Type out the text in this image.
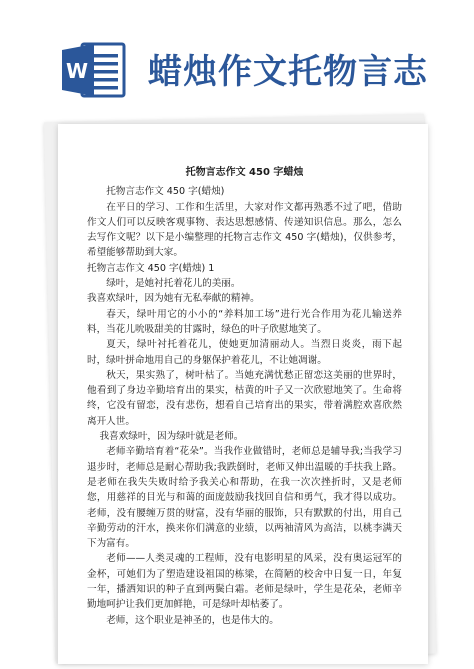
W 蜡烛作文托物言志
托物言志作文 450 字蜡烛

托物言志作文 450 字(蜡烛)

在平日的学习、工作和生活里，大家对作文都再熟悉不过了吧，借助作文人们可以反映客观事物、表达思想感情、传递知识信息。那么，怎么去写作文呢？以下是小编整理的托物言志作文 450 字(蜡烛)，仅供参考，希望能够帮助到大家。

托物言志作文 450 字(蜡烛) 1

绿叶，是她衬托着花儿的美丽。

我喜欢绿叶，因为她有无私奉献的精神。

春天，绿叶用它的小小的“养料加工场”进行光合作用为花儿输送养料，当花儿吮吸甜美的甘露时，绿色的叶子欣慰地笑了。

夏天，绿叶衬托着花儿，使她更加清丽动人。当烈日炎炎，雨下起时，绿叶拼命地用自己的身躯保护着花儿，不让她凋谢。

秋天，果实熟了，树叶枯了。当她充满忧愁正留恋这美丽的世界时，他看到了身边辛勤培育出的果实，枯黄的叶子又一次欣慰地笑了。生命将终，它没有留恋，没有悲伤，想看自己培育出的果实，带着满腔欢喜欣然离开人世。

我喜欢绿叶，因为绿叶就是老师。

老师辛勤培育着“花朵”。当我作业做错时，老师总是辅导我;当我学习退步时，老师总是耐心帮助我;我跌倒时，老师又伸出温暖的手扶我上路。是老师在我失失败时给予我关心和帮助，在我一次次挫折时，又是老师您，用慈祥的目光与和蔼的面庞鼓励我找回自信和勇气，我才得以成功。老师，没有腰缠万贯的财富，没有华丽的服饰，只有默默的付出，用自己辛勤劳动的汗水，换来你们满意的业绩，以两袖清风为高洁，以桃李满天下为富有。

老师——人类灵魂的工程师，没有电影明星的风采，没有奥运冠军的金杯，可她们为了塑造建设祖国的栋梁，在简陋的校舍中日复一日，年复一年，播洒知识的种子直到两鬓白霜。老师是绿叶，学生是花朵，老师辛勤地呵护让我们更加鲜艳，可是绿叶却枯萎了。

老师，这个职业是神圣的，也是伟大的。
